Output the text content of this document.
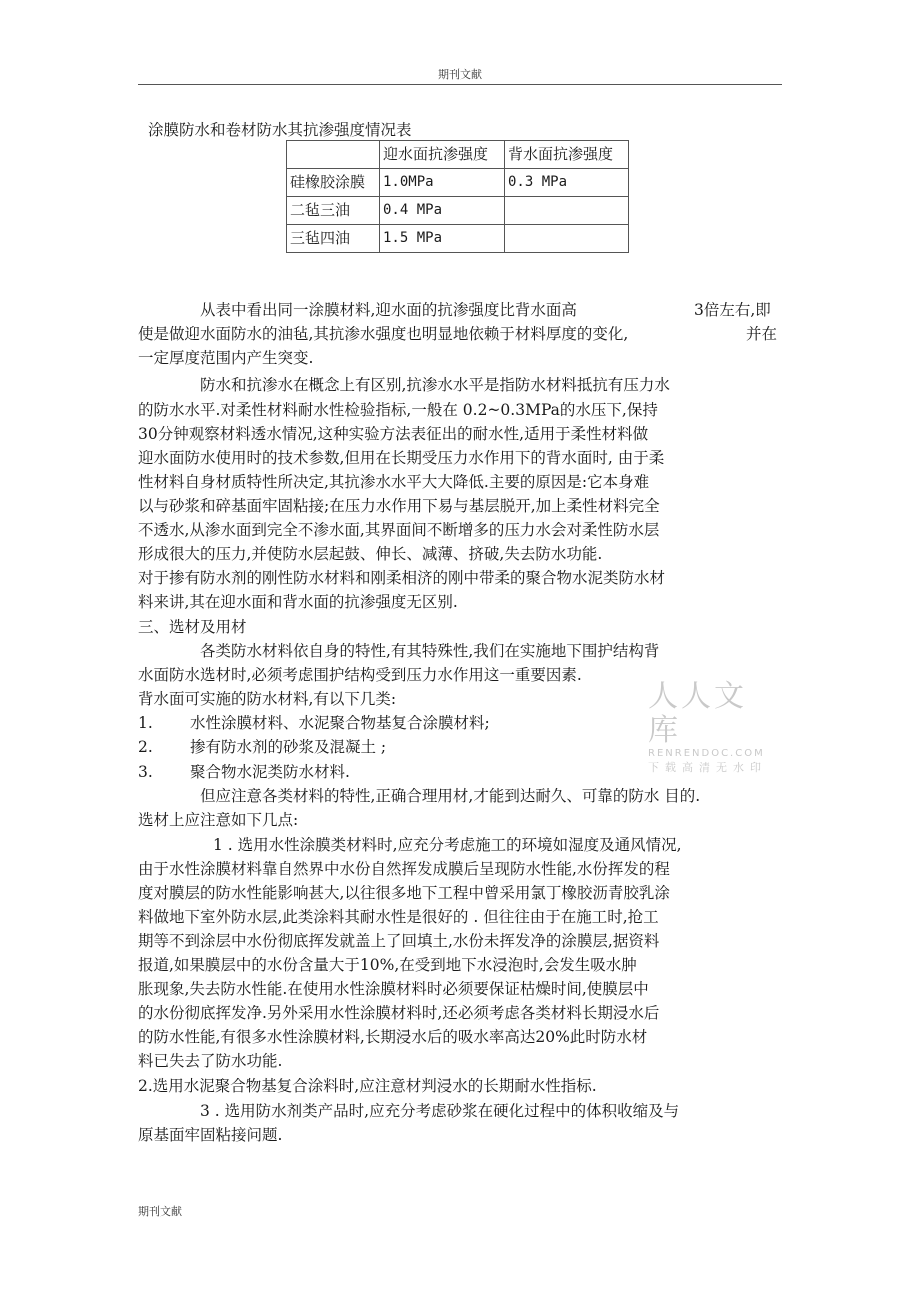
期刊文献
涂膜防水和卷材防水其抗渗强度情况表
	迎水面抗渗强度	背水面抗渗强度
硅橡胶涂膜	1.0MPa	0.3 MPa
二毡三油	0.4 MPa	
三毡四油	1.5 MPa	
从表中看出同一涂膜材料,迎水面的抗渗强度比背水面高	3倍左右,即
使是做迎水面防水的油毡,其抗渗水强度也明显地依赖于材料厚度的变化,	并在
一定厚度范围内产生突变.
防水和抗渗水在概念上有区别,抗渗水水平是指防水材料抵抗有压力水
的防水水平.对柔性材料耐水性检验指标,一般在 0.2~0.3MPa的水压下,保持
30分钟观察材料透水情况,这种实验方法表征出的耐水性,适用于柔性材料做
迎水面防水使用时的技术参数,但用在长期受压力水作用下的背水面时, 由于柔
性材料自身材质特性所决定,其抗渗水水平大大降低.主要的原因是:它本身难
以与砂浆和碎基面牢固粘接;在压力水作用下易与基层脱开,加上柔性材料完全
不透水,从渗水面到完全不渗水面,其界面间不断增多的压力水会对柔性防水层
形成很大的压力,并使防水层起鼓、伸长、减薄、挤破,失去防水功能.
对于掺有防水剂的刚性防水材料和刚柔相济的刚中带柔的聚合物水泥类防水材
料来讲,其在迎水面和背水面的抗渗强度无区别.
三、选材及用材
各类防水材料依自身的特性,有其特殊性,我们在实施地下围护结构背
水面防水选材时,必须考虑围护结构受到压力水作用这一重要因素.
背水面可实施的防水材料,有以下几类:
1. 水性涂膜材料、水泥聚合物基复合涂膜材料;
2. 掺有防水剂的砂浆及混凝土 ;
3. 聚合物水泥类防水材料.
但应注意各类材料的特性,正确合理用材,才能到达耐久、可靠的防水 目的.
选材上应注意如下几点:
1 . 选用水性涂膜类材料时,应充分考虑施工的环境如湿度及通风情况,
由于水性涂膜材料靠自然界中水份自然挥发成膜后呈现防水性能,水份挥发的程
度对膜层的防水性能影响甚大,以往很多地下工程中曾采用氯丁橡胶沥青胶乳涂
料做地下室外防水层,此类涂料其耐水性是很好的 . 但往往由于在施工时,抢工
期等不到涂层中水份彻底挥发就盖上了回填土,水份未挥发净的涂膜层,据资料
报道,如果膜层中的水份含量大于10%,在受到地下水浸泡时,会发生吸水肿
胀现象,失去防水性能.在使用水性涂膜材料时必须要保证枯燥时间,使膜层中
的水份彻底挥发净.另外采用水性涂膜材料时,还必须考虑各类材料长期浸水后
的防水性能,有很多水性涂膜材料,长期浸水后的吸水率高达20%此时防水材
料已失去了防水功能.
2.选用水泥聚合物基复合涂料时,应注意材判浸水的长期耐水性指标.
3 . 选用防水剂类产品时,应充分考虑砂浆在硬化过程中的体积收缩及与
原基面牢固粘接问题.
人人文库
RENRENDOC.COM
下载高清无水印
期刊文献
